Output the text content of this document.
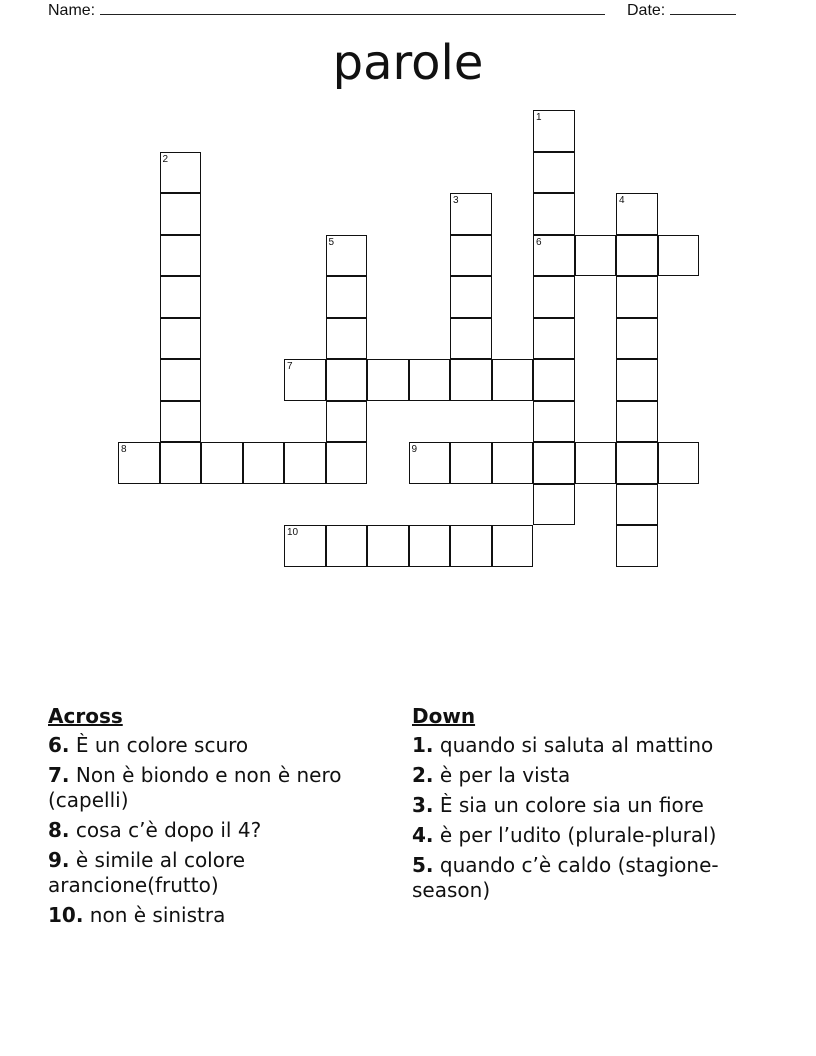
Name:	Date:
parole
1
6
2
3	4
5
7
8	9
10
Across
6. È un colore scuro
7. Non è biondo e non è nero (capelli)
8. cosa c’è dopo il 4?
9. è simile al colore arancione(frutto)
10. non è sinistra
Down
1. quando si saluta al mattino
2. è per la vista
3. È sia un colore sia un fiore
4. è per l’udito (plurale-plural)
5. quando c’è caldo (stagione-season)
